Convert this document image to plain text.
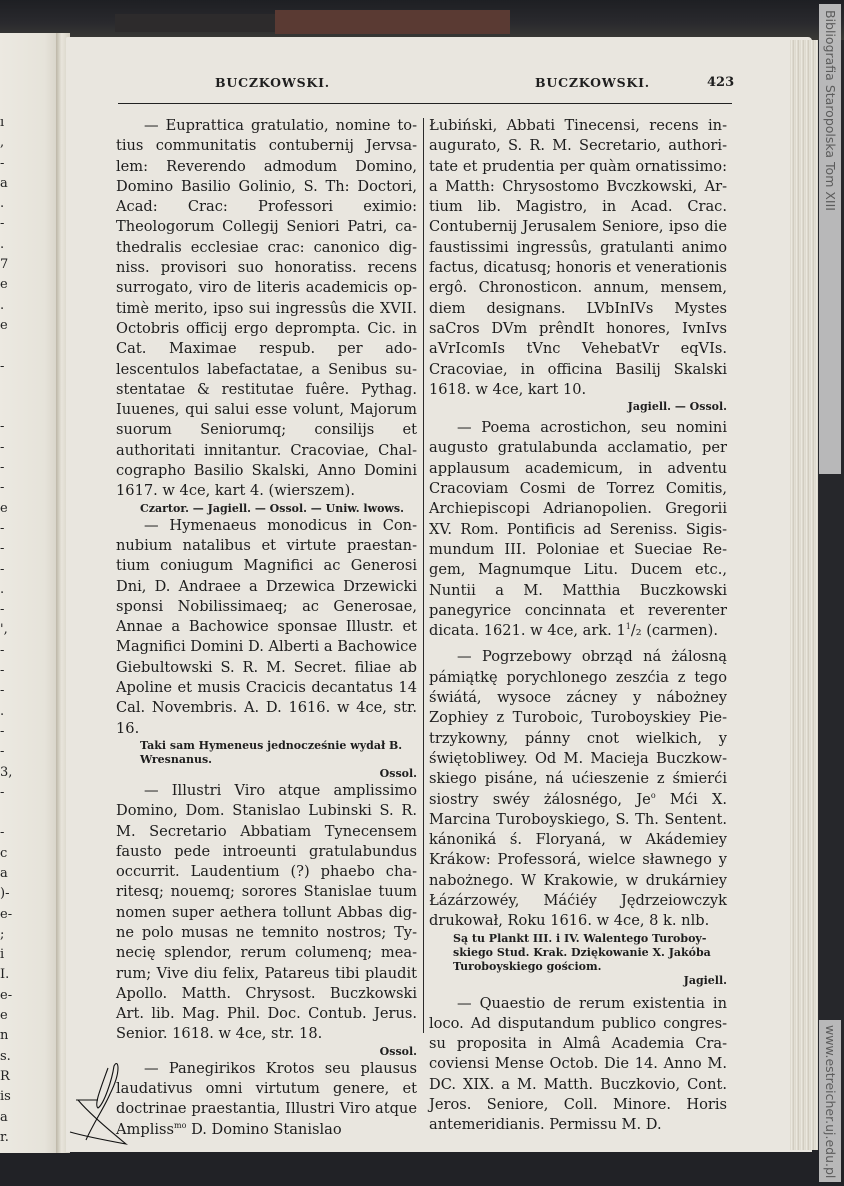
ı
,
-
a
.
-
.
7
e
.
e

-

-
-
-
-
e
-
-
-
.
-
',
-
-
-
.
-
-
3,
-

-
c
a
)-
e-
;
i
I.
e-
e
n
s.
R
is
a
r.
BUCZKOWSKI.	BUCZKOWSKI.	423

— Euprattica gratulatio, nomine totius communitatis contubernij Jervsalem: Reverendo admodum Domino, Domino Basilio Golinio, S. Th: Doctori, Acad: Crac: Professori eximio: Theologorum Collegij Seniori Patri, cathedralis ecclesiae crac: canonico digniss. provisori suo honoratiss. recens surrogato, viro de literis academicis optimè merito, ipso sui ingressûs die XVII. Octobris officij ergo deprompta. Cic. in Cat. Maximae respub. per adolescentulos labefactatae, a Senibus sustentatae & restitutae fuêre. Pythag. Iuuenes, qui salui esse volunt, Majorum suorum Seniorumq; consilijs et authoritati innitantur. Cracoviae, Chalcographo Basilio Skalski, Anno Domini 1617. w 4ce, kart 4. (wierszem).

Czartor. — Jagiell. — Ossol. — Uniw. lwows.

— Hymenaeus monodicus in Connubium natalibus et virtute praestantium coniugum Magnifici ac Generosi Dni, D. Andraee a Drzewica Drzewicki sponsi Nobilissimaeq; ac Generosae, Annae a Bachowice sponsae Illustr. et Magnifici Domini D. Alberti a Bachowice Giebultowski S. R. M. Secret. filiae ab Apoline et musis Cracicis decantatus 14 Cal. Novembris. A. D. 1616. w 4ce, str. 16.

Taki sam Hymeneus jednocześnie wydał B. Wresnanus.
Ossol.

— Illustri Viro atque amplissimo Domino, Dom. Stanislao Lubinski S. R. M. Secretario Abbatiam Tynecensem fausto pede introeunti gratulabundus occurrit. Laudentium (?) phaebo charitesq; nouemq; sorores Stanislae tuum nomen super aethera tollunt Abbas digne polo musas ne temnito nostros; Tynecię splendor, rerum columenq; mearum; Vive diu felix, Patareus tibi plaudit Apollo. Matth. Chrysost. Buczkowski Art. lib. Mag. Phil. Doc. Contub. Jerus. Senior. 1618. w 4ce, str. 18.

Ossol.

— Panegirikos Krotos seu plausus laudativus omni virtutum genere, et doctrinae praestantia, Illustri Viro atque Ampliss$^{mo}$ D. Domino Stanislao

Łubiński, Abbati Tinecensi, recens inaugurato, S. R. M. Secretario, authoritate et prudentia per quàm ornatissimo: a Matth: Chrysostomo Bvczkowski, Artium lib. Magistro, in Acad. Crac. Contubernij Jerusalem Seniore, ipso die faustissimi ingressûs, gratulanti animo factus, dicatusq; honoris et venerationis ergô. Chronosticon. annum, mensem, diem designans. LVbInIVs Mystes saCros DVm prêndIt honores, IvnIvs aVrIcomIs tVnc VehebatVr eqVIs. Cracoviae, in officina Basilij Skalski 1618. w 4ce, kart 10.

Jagiell. — Ossol.

— Poema acrostichon, seu nomini augusto gratulabunda acclamatio, per applausum academicum, in adventu Cracoviam Cosmi de Torrez Comitis, Archiepiscopi Adrianopolien. Gregorii XV. Rom. Pontificis ad Sereniss. Sigismundum III. Poloniae et Sueciae Regem, Magnumque Litu. Ducem etc., Nuntii a M. Matthia Buczkowski panegyrice concinnata et reverenter dicata. 1621. w 4ce, ark. $1^1/_2$ (carmen).

— Pogrzebowy obrząd ná żálosną pámiątkę porychlonego zeszćia z tego świátá, wysoce zácney y nábożney Zophiey z Turoboic, Turoboyskiey Pietrzykowny, pánny cnot wielkich, y świętobliwey. Od M. Macieja Buczkowskiego pisáne, ná ućieszenie z śmierći siostry swéy żálosnégo, Je$^o$ Mći X. Marcina Turoboyskiego, S. Th. Sentent. kánoniká ś. Floryaná, w Akádemiey Krákow: Professorá, wielce sławnego y nabożnego. W Krakowie, w drukárniey Łázárzowéy, Máćiéy Jędrzeiowczyk drukował, Roku 1616. w 4ce, 8 k. nlb.

Są tu Plankt III. i IV. Walentego Turoboyskiego Stud. Krak. Dziękowanie X. Jakóba Turoboyskiego gościom.
Jagiell.

— Quaestio de rerum existentia in loco. Ad disputandum publico congressu proposita in Almâ Academia Cracoviensi Mense Octob. Die 14. Anno M. DC. XIX. a M. Matth. Buczkovio, Cont. Jeros. Seniore, Coll. Minore. Horis antemeridianis. Permissu M. D.

Bibliografia Staropolska Tom XIII
www.estreicher.uj.edu.pl
